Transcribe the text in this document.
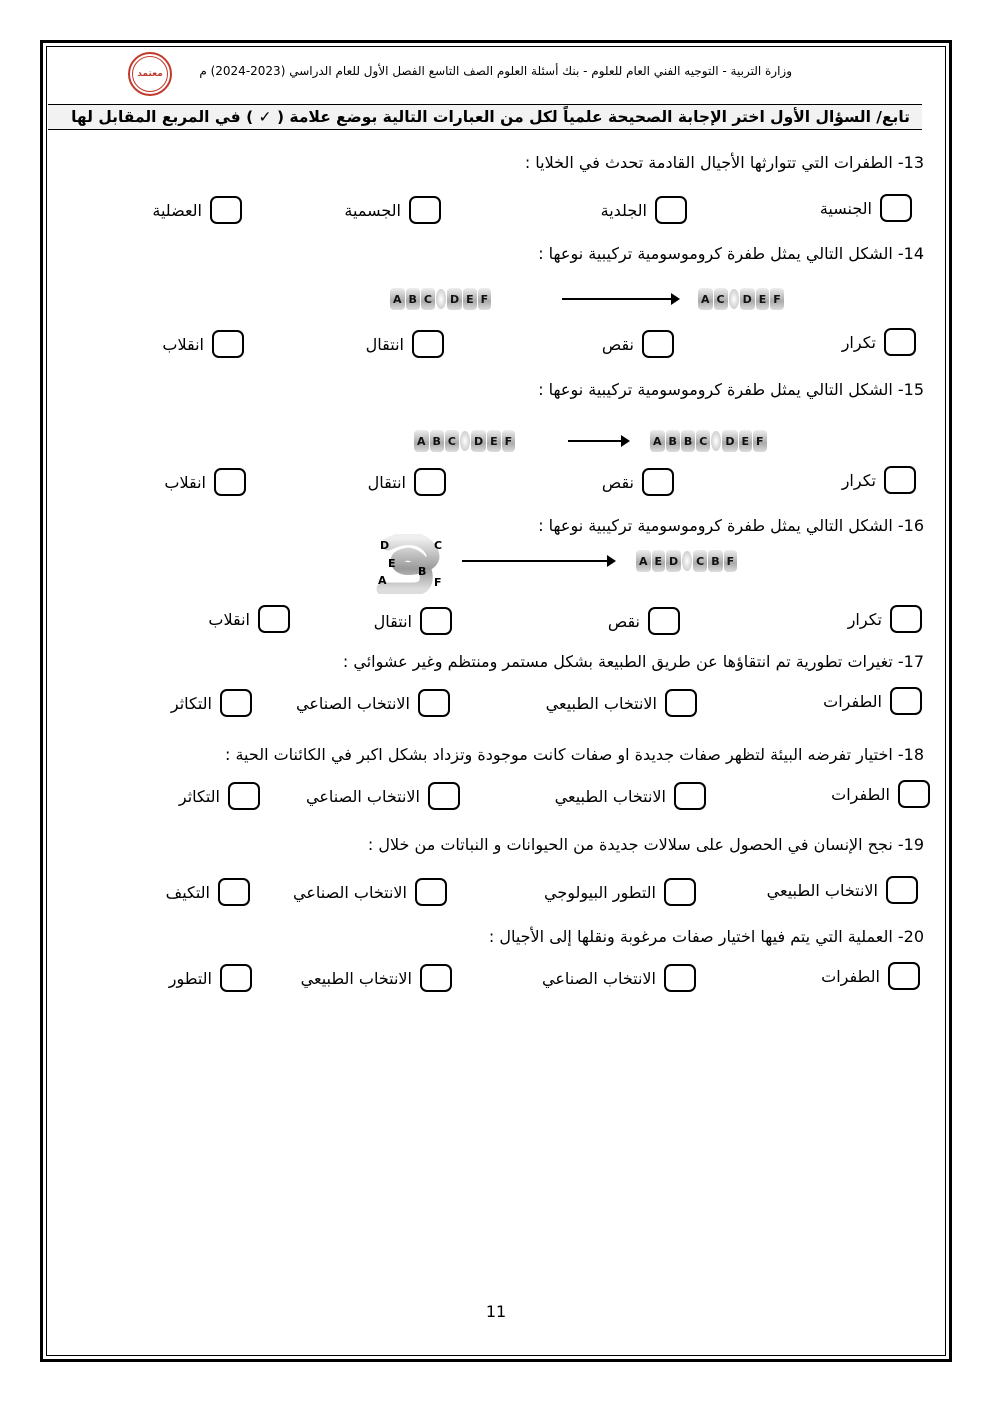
وزارة التربية - التوجيه الفني العام للعلوم - بنك أسئلة العلوم الصف التاسع الفصل الأول للعام الدراسي (2023-2024) م
معتمد
تابع/ السؤال الأول اختر الإجابة الصحيحة علمياً لكل من العبارات التالية بوضع علامة ( ✓ ) في المربع المقابل لها
13- الطفرات التي تتوارثها الأجيال القادمة تحدث في الخلايا :
الجنسية
الجلدية
الجسمية
العضلية
14- الشكل التالي يمثل طفرة كروموسومية تركيبية نوعها :
A B C D E F	A C D E F
تكرار
نقص
انتقال
انقلاب
15- الشكل التالي يمثل طفرة كروموسومية تركيبية نوعها :
A B C D E F	A B B C D E F
تكرار
نقص
انتقال
انقلاب
16- الشكل التالي يمثل طفرة كروموسومية تركيبية نوعها :
D	C
E
B
A	F
A E D C B F
تكرار
نقص
انتقال
انقلاب
17- تغيرات تطورية تم انتقاؤها عن طريق الطبيعة بشكل مستمر ومنتظم وغير عشوائي :
الطفرات
الانتخاب الطبيعي
الانتخاب الصناعي
التكاثر
18- اختيار تفرضه البيئة لتظهر صفات جديدة او صفات كانت موجودة وتزداد بشكل اكبر في الكائنات الحية :
الطفرات
الانتخاب الطبيعي
الانتخاب الصناعي
التكاثر
19- نجح الإنسان في الحصول على سلالات جديدة من الحيوانات و النباتات من خلال :
الانتخاب الطبيعي
التطور البيولوجي
الانتخاب الصناعي
التكيف
20- العملية التي يتم فيها اختيار صفات مرغوبة ونقلها إلى الأجيال :
الطفرات
الانتخاب الصناعي
الانتخاب الطبيعي
التطور
11
